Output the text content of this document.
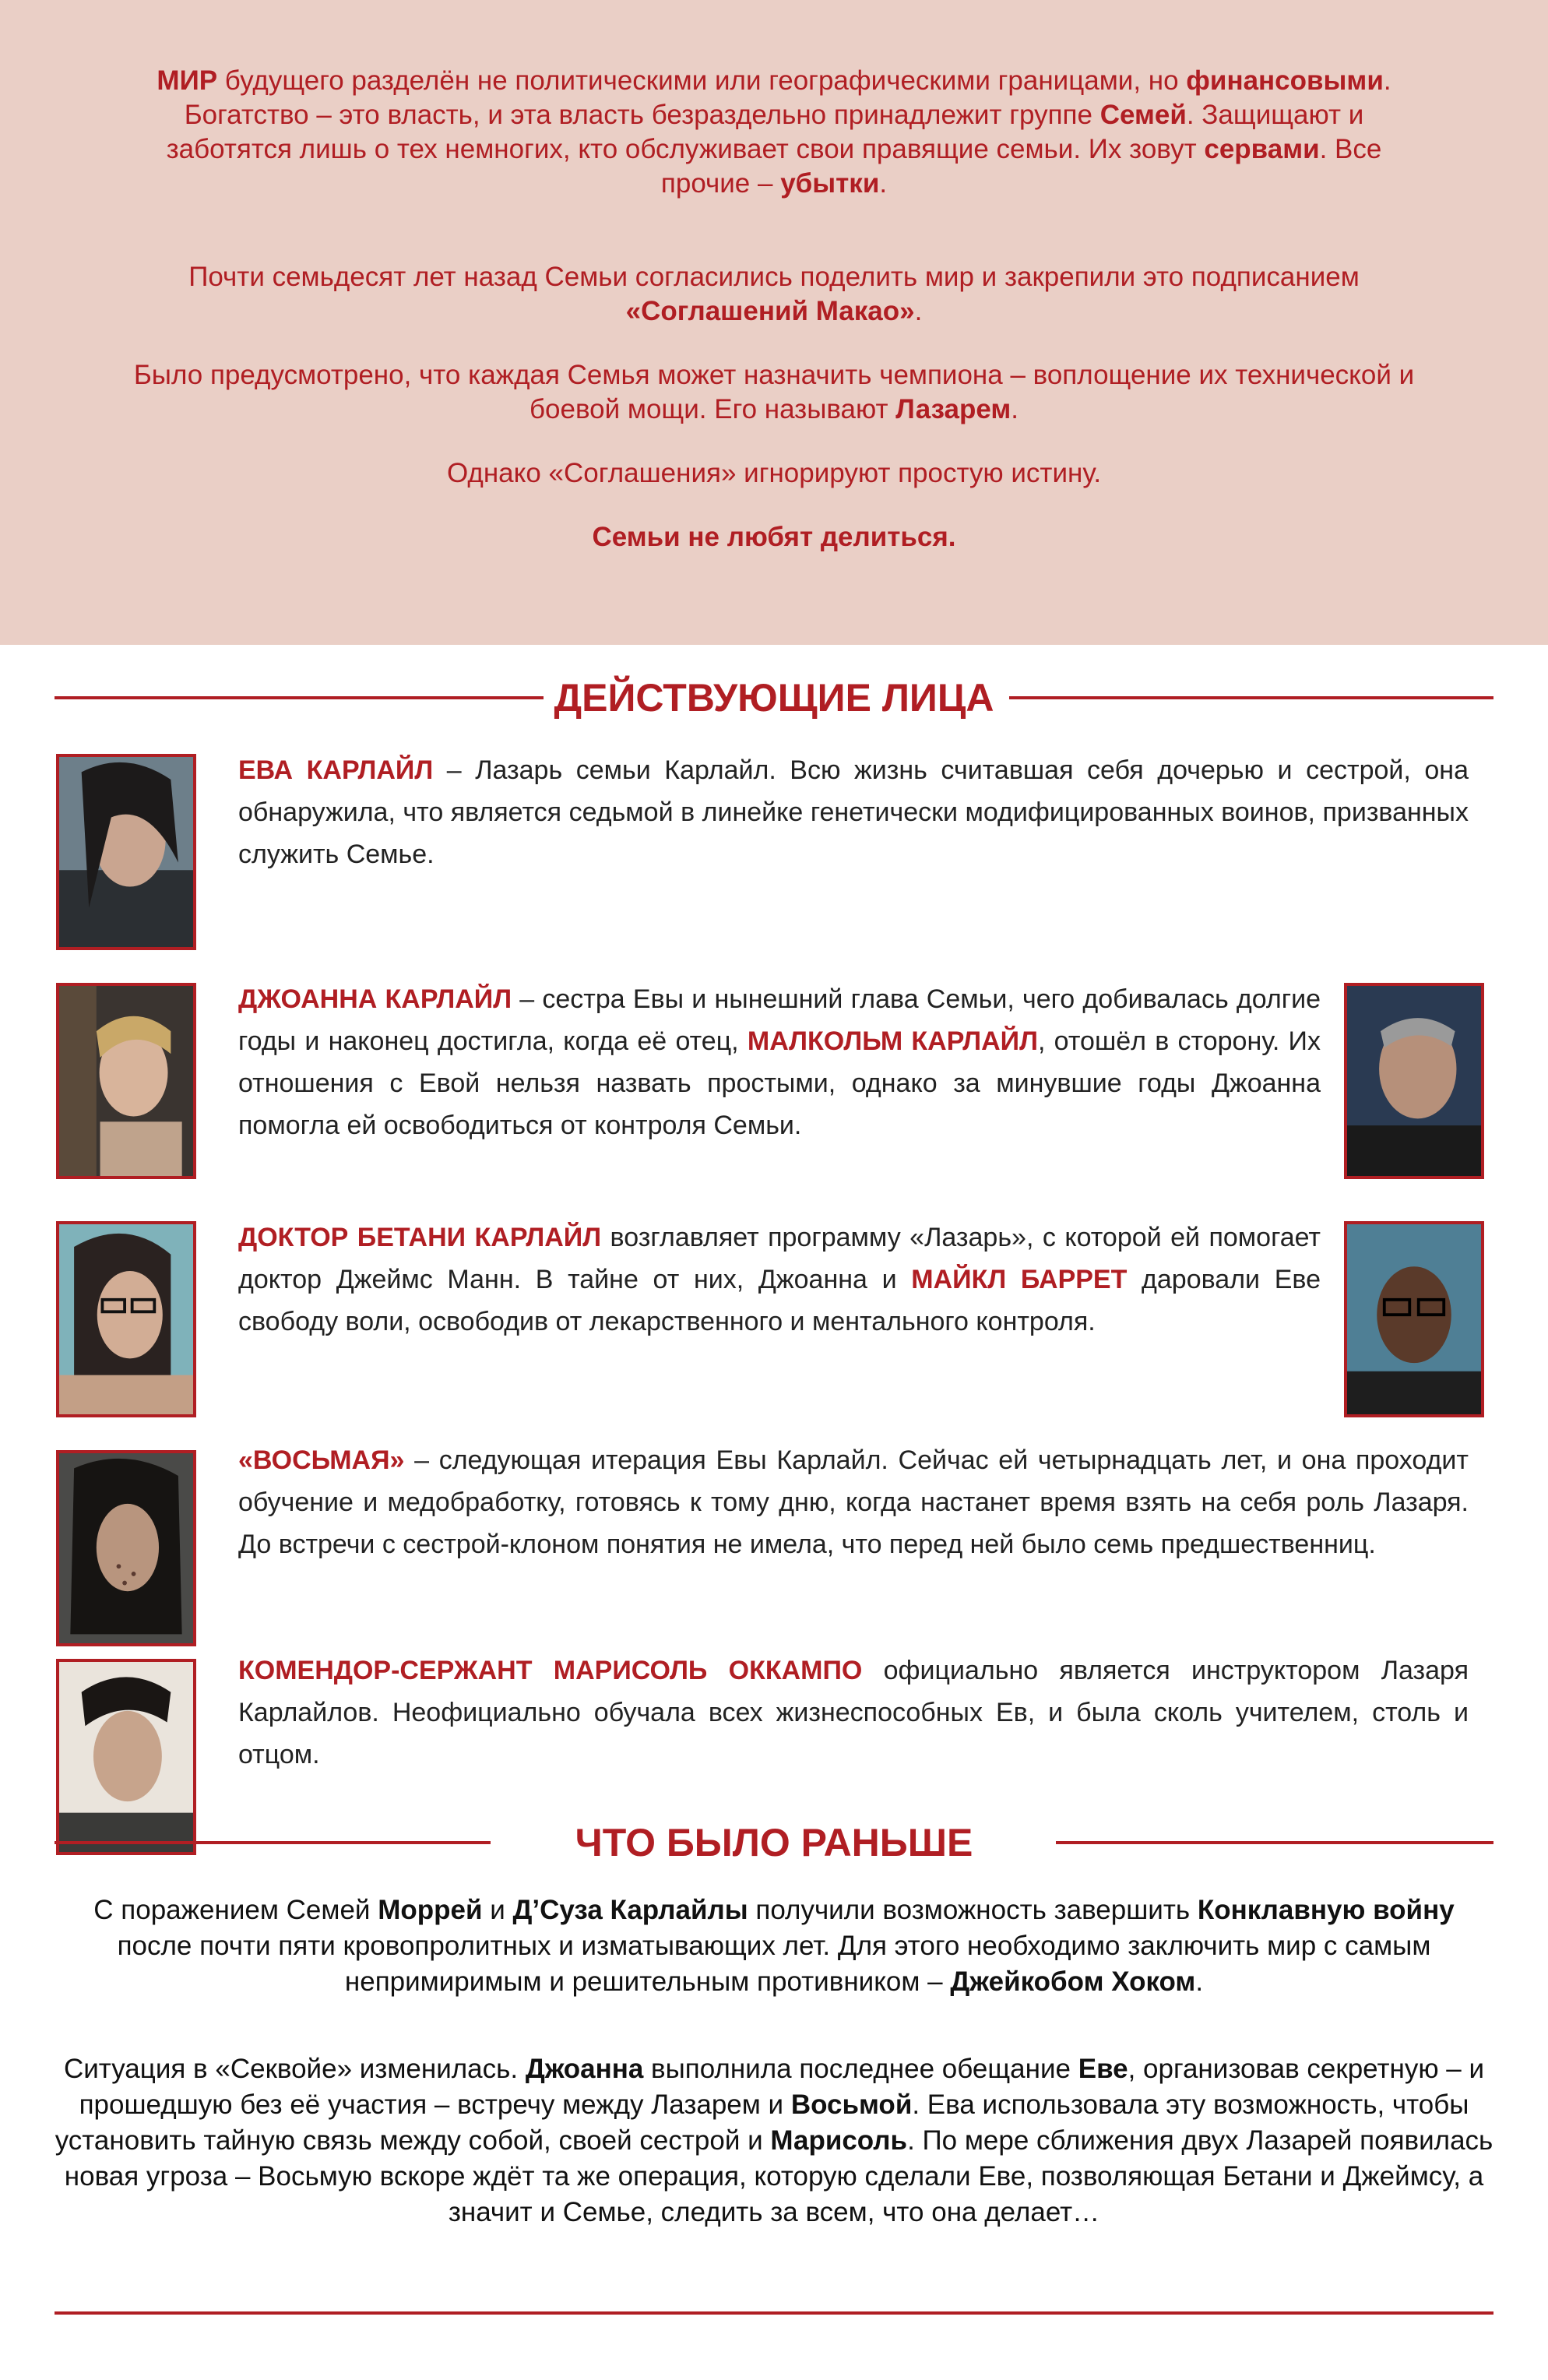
МИР будущего разделён не политическими или географическими границами, но финансовыми. Богатство – это власть, и эта власть безраздельно принадлежит группе Семей. Защищают и заботятся лишь о тех немногих, кто обслуживает свои правящие семьи. Их зовут сервами. Все прочие – убытки.

Почти семьдесят лет назад Семьи согласились поделить мир и закрепили это подписанием «Соглашений Макао».

Было предусмотрено, что каждая Семья может назначить чемпиона – воплощение их технической и боевой мощи. Его называют Лазарем.

Однако «Соглашения» игнорируют простую истину.

Семьи не любят делиться.

ДЕЙСТВУЮЩИЕ ЛИЦА

ЕВА КАРЛАЙЛ – Лазарь семьи Карлайл. Всю жизнь считавшая себя дочерью и сестрой, она обнаружила, что является седьмой в линейке генетически модифицированных воинов, призванных служить Семье.

ДЖОАННА КАРЛАЙЛ – сестра Евы и нынешний глава Семьи, чего добивалась долгие годы и наконец достигла, когда её отец, МАЛКОЛЬМ КАРЛАЙЛ, отошёл в сторону. Их отношения с Евой нельзя назвать простыми, однако за минувшие годы Джоанна помогла ей освободиться от контроля Семьи.

ДОКТОР БЕТАНИ КАРЛАЙЛ возглавляет программу «Лазарь», с которой ей помогает доктор Джеймс Манн. В тайне от них, Джоанна и МАЙКЛ БАРРЕТ даровали Еве свободу воли, освободив от лекарственного и ментального контроля.

«ВОСЬМАЯ» – следующая итерация Евы Карлайл. Сейчас ей четырнадцать лет, и она проходит обучение и медобработку, готовясь к тому дню, когда настанет время взять на себя роль Лазаря. До встречи с сестрой-клоном понятия не имела, что перед ней было семь предшественниц.

КОМЕНДОР-СЕРЖАНТ МАРИСОЛЬ ОККАМПО официально является инструктором Лазаря Карлайлов. Неофициально обучала всех жизнеспособных Ев, и была сколь учителем, столь и отцом.

ЧТО БЫЛО РАНЬШЕ

С поражением Семей Моррей и Д’Суза Карлайлы получили возможность завершить Конклавную войну после почти пяти кровопролитных и изматывающих лет. Для этого необходимо заключить мир с самым непримиримым и решительным противником – Джейкобом Хоком.

Ситуация в «Секвойе» изменилась. Джоанна выполнила последнее обещание Еве, организовав секретную – и прошедшую без её участия – встречу между Лазарем и Восьмой. Ева использовала эту возможность, чтобы установить тайную связь между собой, своей сестрой и Марисоль. По мере сближения двух Лазарей появилась новая угроза – Восьмую вскоре ждёт та же операция, которую сделали Еве, позволяющая Бетани и Джеймсу, а значит и Семье, следить за всем, что она делает…
